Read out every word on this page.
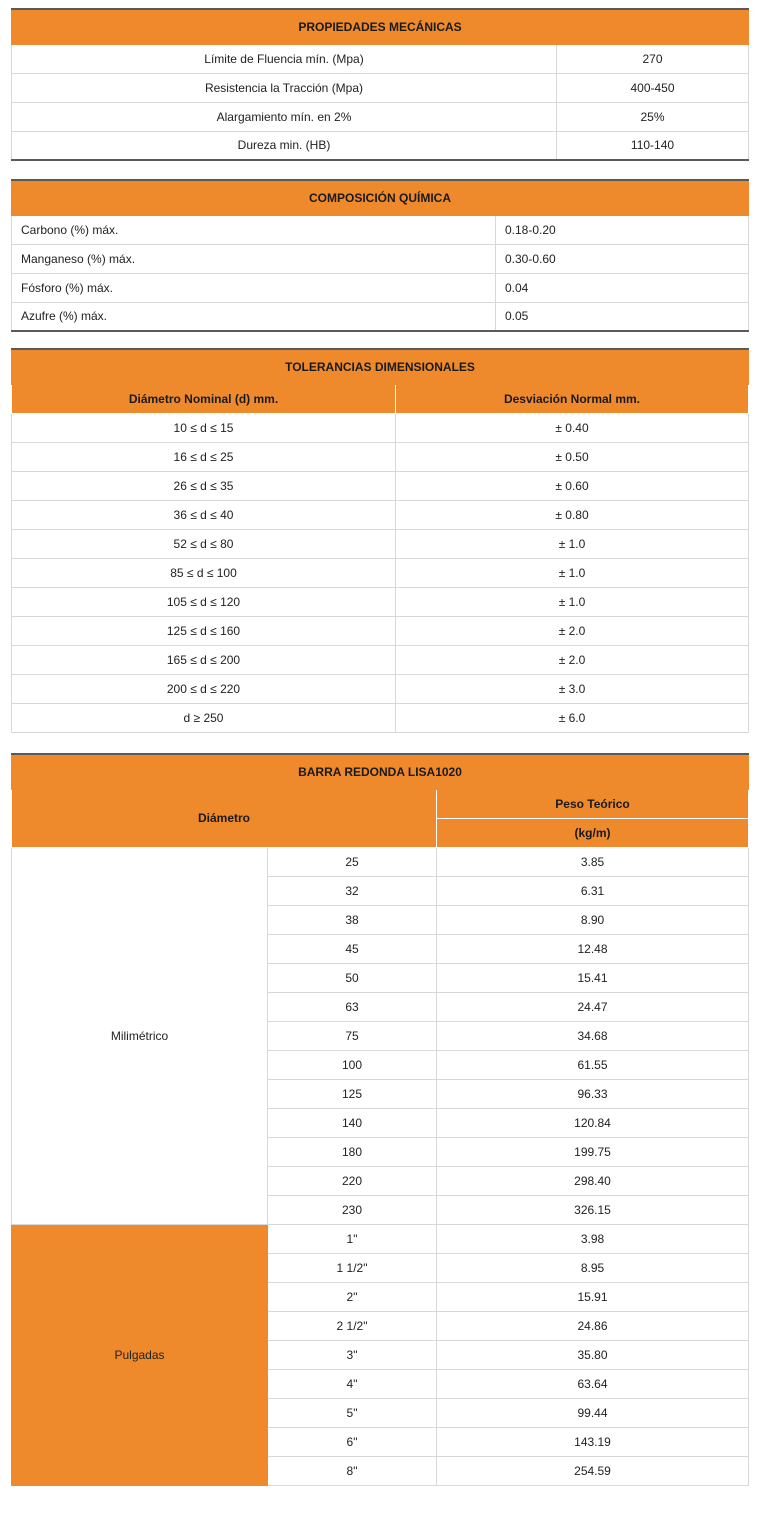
PROPIEDADES MECÁNICAS	
Límite de Fluencia mín. (Mpa)	270
Resistencia la Tracción (Mpa)	400-450
Alargamiento mín. en 2%	25%
Dureza min. (HB)	110-140
COMPOSICIÓN QUÍMICA	
Carbono (%) máx.	0.18-0.20
Manganeso (%) máx.	0.30-0.60
Fósforo (%) máx.	0.04
Azufre (%) máx.	0.05
TOLERANCIAS DIMENSIONALES	
Diámetro Nominal (d) mm.	Desviación Normal mm.
10 ≤ d ≤ 15	± 0.40
16 ≤ d ≤ 25	± 0.50
26 ≤ d ≤ 35	± 0.60
36 ≤ d ≤ 40	± 0.80
52 ≤ d ≤ 80	± 1.0
85 ≤ d ≤ 100	± 1.0
105 ≤ d ≤ 120	± 1.0
125 ≤ d ≤ 160	± 2.0
165 ≤ d ≤ 200	± 2.0
200 ≤ d ≤ 220	± 3.0
d ≥ 250	± 6.0
BARRA REDONDA LISA1020		
Diámetro		Peso Teórico
		(kg/m)
Milimétrico	25	3.85
	32	6.31
	38	8.90
	45	12.48
	50	15.41
	63	24.47
	75	34.68
	100	61.55
	125	96.33
	140	120.84
	180	199.75
	220	298.40
	230	326.15
Pulgadas	1"	3.98
	1 1/2"	8.95
	2"	15.91
	2 1/2"	24.86
	3"	35.80
	4"	63.64
	5"	99.44
	6"	143.19
	8"	254.59
